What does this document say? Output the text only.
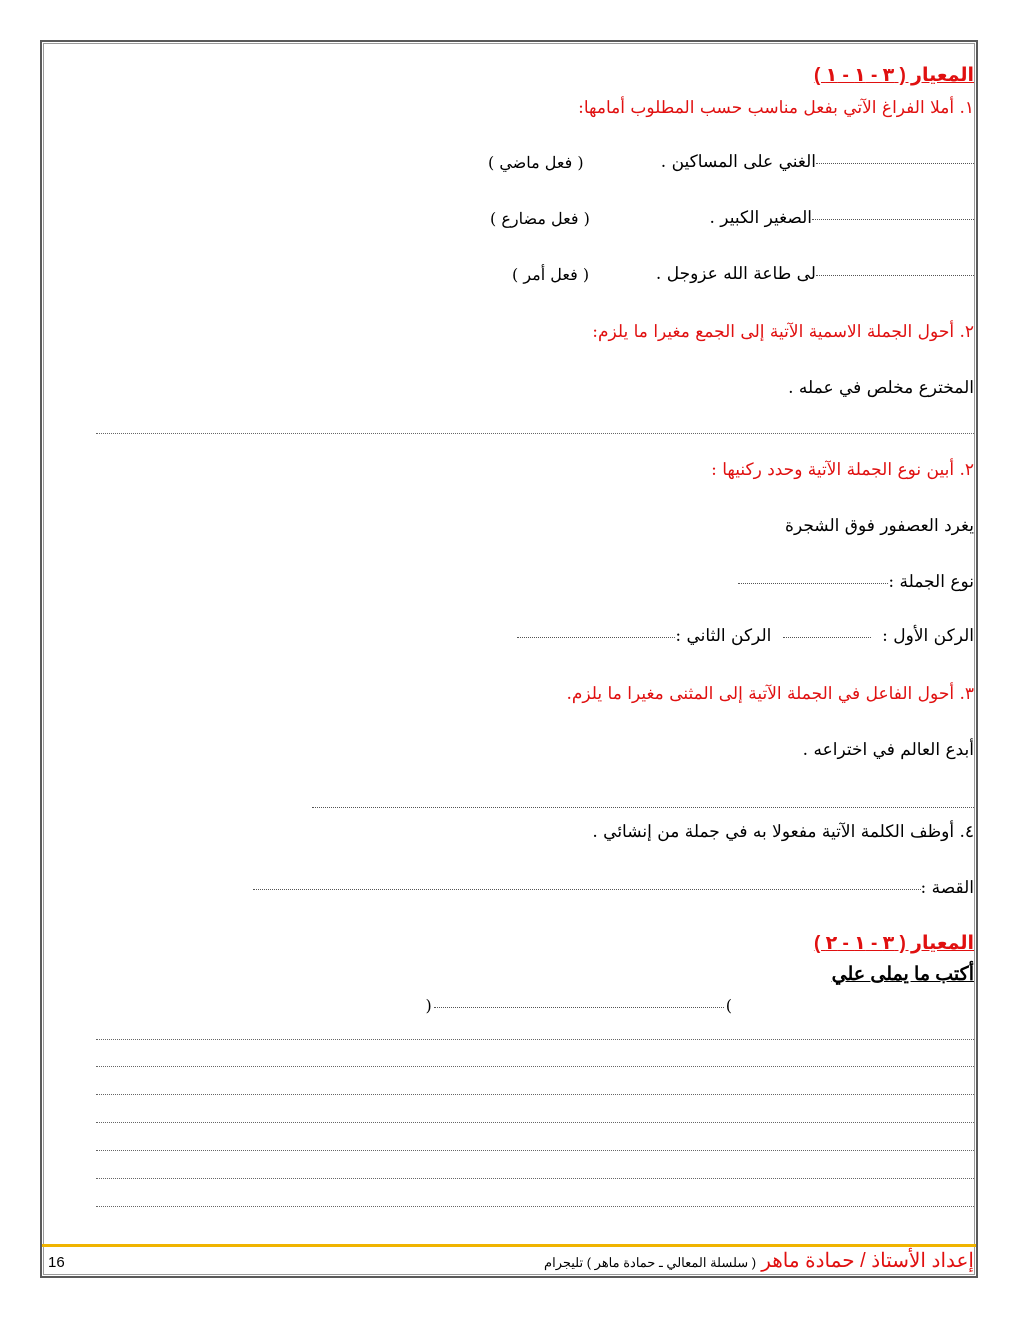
المعيار ( ٣ - ١ - ١ )
١. أملا الفراغ الآتي بفعل مناسب حسب المطلوب أمامها:
الغني على المساكين .
( فعل ماضي )
الصغير الكبير .
( فعل مضارع )
لى طاعة الله عزوجل .
( فعل أمر )
٢. أحول الجملة الاسمية الآتية إلى الجمع مغيرا ما يلزم:
المخترع مخلص في عمله .
٢. أبين نوع الجملة الآتية وحدد ركنيها :
يغرد العصفور فوق الشجرة
نوع الجملة :
الركن الأول :  الركن الثاني :
٣. أحول الفاعل في الجملة الآتية إلى المثنى مغيرا ما يلزم.
أبدع العالم في اختراعه .
٤. أوظف الكلمة الآتية مفعولا به في جملة من إنشائي .
القصة :
المعيار ( ٣ - ١ - ٢ )
أكتب ما يملى علي
)	(
16	إعداد الأستاذ / حمادة ماهر ( سلسلة المعالي ـ حمادة ماهر ) تليجرام
